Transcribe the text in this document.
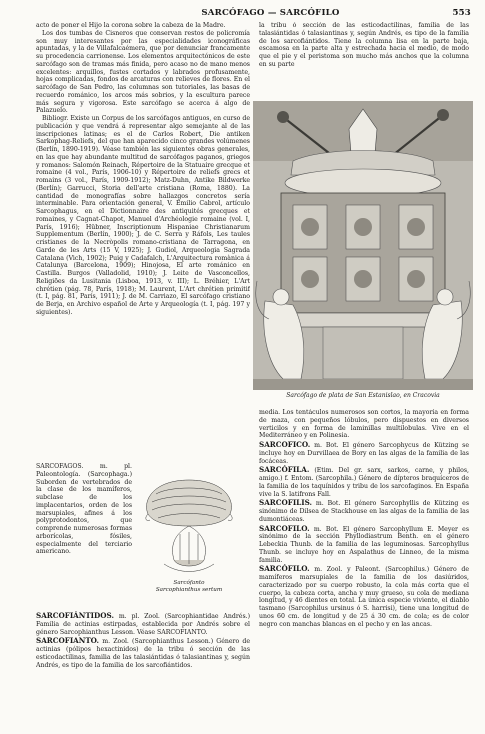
SARCÓFAGO — SARCÓFILO	553

acto de poner el Hijo la corona sobre la cabeza de la Madre.

Los dos tumbas de Cisneros que conservan restos de policromía son muy interesantes por las especialidades iconográficas apuntadas, y la de Villafalcaémera, que por denunciar francamente su procedencia carrionense. Los elementos arquitectónicos de este sarcófago son de tramas más finida, pero acaso no de mano menos excelentes: arquillos, fustes cortados y labrados profusamente, hojas complicadas, fondos de arcaturas con relieves de flores. En el sarcófago de San Pedro, las columnas son tutoriales, las basas de recuerdo románico, los arcos más sobrios, y la escultura parece más segura y vigorosa. Este sarcófago se acerca á algo de Palazuelo.

Bibliogr. Existe un Corpus de los sarcófagos antiguos, en curso de publicación y que vendrá á representar algo semejante al de las inscripciones latinas; es el de Carlos Robert, Die antiken Sarkophag-Reliefs, del que han aparecido cinco grandes volúmenes (Berlín, 1890-1919). Véase también las siguientes obras generales, en las que hay abundante multitud de sarcófagos paganos, griegos y romanos: Salomón Reinach, Répertoire de la Statuaire grecque et romaine (4 vol., París, 1906-10) y Répertoire de reliefs grecs et romains (3 vol., París, 1909-1912); Matz-Duhn, Antike Bildwerke (Berlín); Garrucci, Storia dell'arte cristiana (Roma, 1880). La cantidad de monografías sobre hallazgos concretos sería interminable. Para orientación general, V. Emilio Cabrol, artículo Sarcophagus, en el Dictionnaire des antiquités grecques et romaines, y Cagnat-Chapot, Manuel d'Archéologie romaine (vol. I, París, 1916); Hübner, Inscriptionum Hispaniae Christianarum Supplementum (Berlín, 1900); J. de C. Serra y Ráfols, Les taules cristianes de la Necròpolis romano-cristiana de Tarragona, en Garde de les Arts (15 V, 1925); J. Gudiol, Arqueologia Sagrada Catalana (Vich, 1902); Puig y Cadafalch, L'Arquitectura romànica á Catalunya (Barcelona, 1909); Hinojosa, El arte románico en Castilla. Burgos (Valladolid, 1910); J. Leite de Vasconcellos, Religiões da Lusitania (Lisboa, 1913, v. III); L. Bréhier, L'Art chrétien (pág. 78, París, 1918); M. Laurent, L'Art chrétien primitif (t. I, pág. 81, París, 1911); J. de M. Carriazo, El sarcófago cristiano de Berja, en Archivo español de Arte y Arqueología (t. I, pág. 197 y siguientes).

SARCÓFAGOS. m. pl. Paleontología. (Sarcophaga.) Suborden de vertebrados de la clase de los mamíferos, subclase de los implacentarios, orden de los marsupiales, afines á los polyprotodontos, que comprende numerosas formas arborícolas, fósiles, especialmente del terciario americano.

Sarcófanto
Sarcophianthus sertum

SARCOFIÁNTIDOS. m. pl. Zool. (Sarcophiantidae Andrés.) Familia de actinias estirpadas, establecida por Andrés sobre el género Sarcophianthus Lesson. Véase SARCOFIANTO.

SARCOFIANTO. m. Zool. (Sarcophianthus Lesson.) Género de actinias (pólipos hexactinidos) de la tribu ó sección de las esticodactilinas, familia de las talasiántidas ó talasiantinas y, según Andrés, es tipo de la familia de los sarcofiántidos.

la tribu ó sección de las esticodactilinas, familia de las talasiántidas ó talasiantinas y, según Andrés, es tipo de la familia de los sarcofiántidos. Tiene la columna lisa en la parte baja, escamosa en la parte alta y estrechada hacia el medio, de modo que el pie y el peristoma son mucho más anchos que la columna en su parte

Sarcófago de plata de San Estanislao, en Cracovia

media. Los tentáculos numerosos son cortos, la mayoría en forma de maza, con pequeños lóbulos, pero dispuestos en diversos verticilos y en forma de laminillas multilobulas. Vive en el Mediterráneo y en Polinesia.

SARCOFICO. m. Bot. El género Sarcophycus de Kützing se incluye hoy en Durvillaea de Bory en las algas de la familia de las focáceas.

SARCÓFILA. (Etim. Del gr. sarx, sarkos, carne, y philos, amigo.) f. Entom. (Sarcophila.) Género de dípteros braquíceros de la familia de los taquínidos y tribu de los sarcofaginos. En España vive la S. latifrons Fall.

SARCOFILIS. m. Bot. El género Sarcophyllis de Kützing es sinónimo de Dilsea de Stackhouse en las algas de la familia de las dumontiáceas.

SARCOFILO. m. Bot. El género Sarcophyllum E. Meyer es sinónimo de la sección Phyllodiastrum Benth. en el género Lebeckia Thunb. de la familia de las leguminosas. Sarcophyllus Thunb. se incluye hoy en Aspalathus de Linneo, de la misma familia.

SARCÓFILO. m. Zool. y Paleont. (Sarcophilus.) Género de mamíferos marsupiales de la familia de los dasiúridos, caracterizado por su cuerpo robusto, la cola más corta que el cuerpo, la cabeza corta, ancha y muy grueso, su cola de mediana longitud, y 46 dientes en total. La única especie viviente, el diablo tasmano (Sarcophilus ursinus ó S. harrisi), tiene una longitud de unos 60 cm. de longitud y de 25 á 30 cm. de cola; es de color negro con manchas blancas en el pecho y en las ancas.
